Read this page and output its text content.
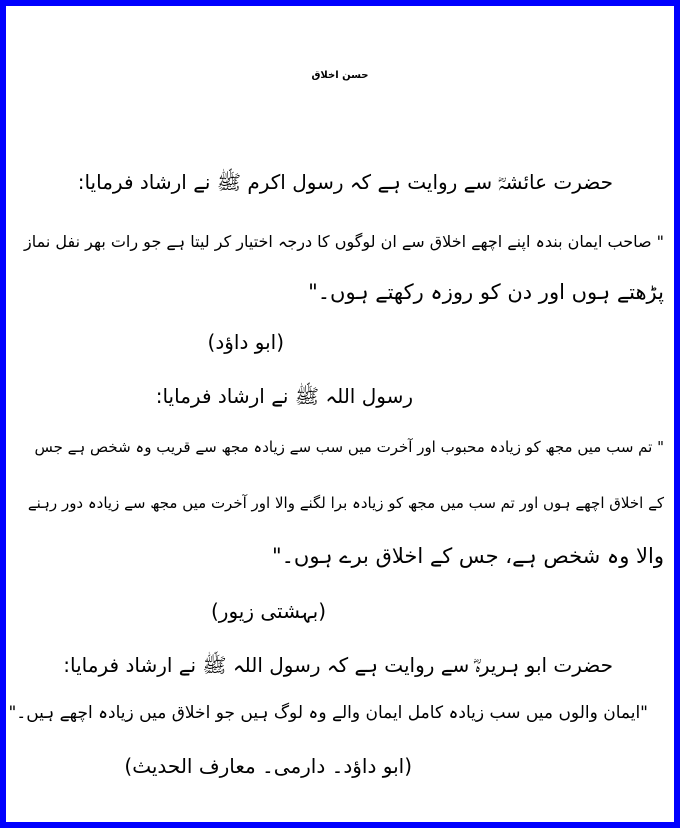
حسن اخلاق
حضرت عائشہؓ سے روایت ہے کہ رسول اکرم ﷺ نے ارشاد فرمایا:
" صاحب ایمان بندہ اپنے اچھے اخلاق سے ان لوگوں کا درجہ اختیار کر لیتا ہے جو رات بھر نفل نماز
پڑھتے ہوں اور دن کو روزہ رکھتے ہوں۔"
(ابو داؤد)
رسول اللہ ﷺ نے ارشاد فرمایا:
" تم سب میں مجھ کو زیادہ محبوب اور آخرت میں سب سے زیادہ مجھ سے قریب وہ شخص ہے جس
کے اخلاق اچھے ہوں اور تم سب میں مجھ کو زیادہ برا لگنے والا اور آخرت میں مجھ سے زیادہ دور رہنے
والا وہ شخص ہے، جس کے اخلاق برے ہوں۔"
(بہشتی زیور)
حضرت ابو ہریرہؓ سے روایت ہے کہ رسول اللہ ﷺ نے ارشاد فرمایا:
"ایمان والوں میں سب زیادہ کامل ایمان والے وہ لوگ ہیں جو اخلاق میں زیادہ اچھے ہیں۔"
(ابو داؤد۔ دارمی۔ معارف الحدیث)
